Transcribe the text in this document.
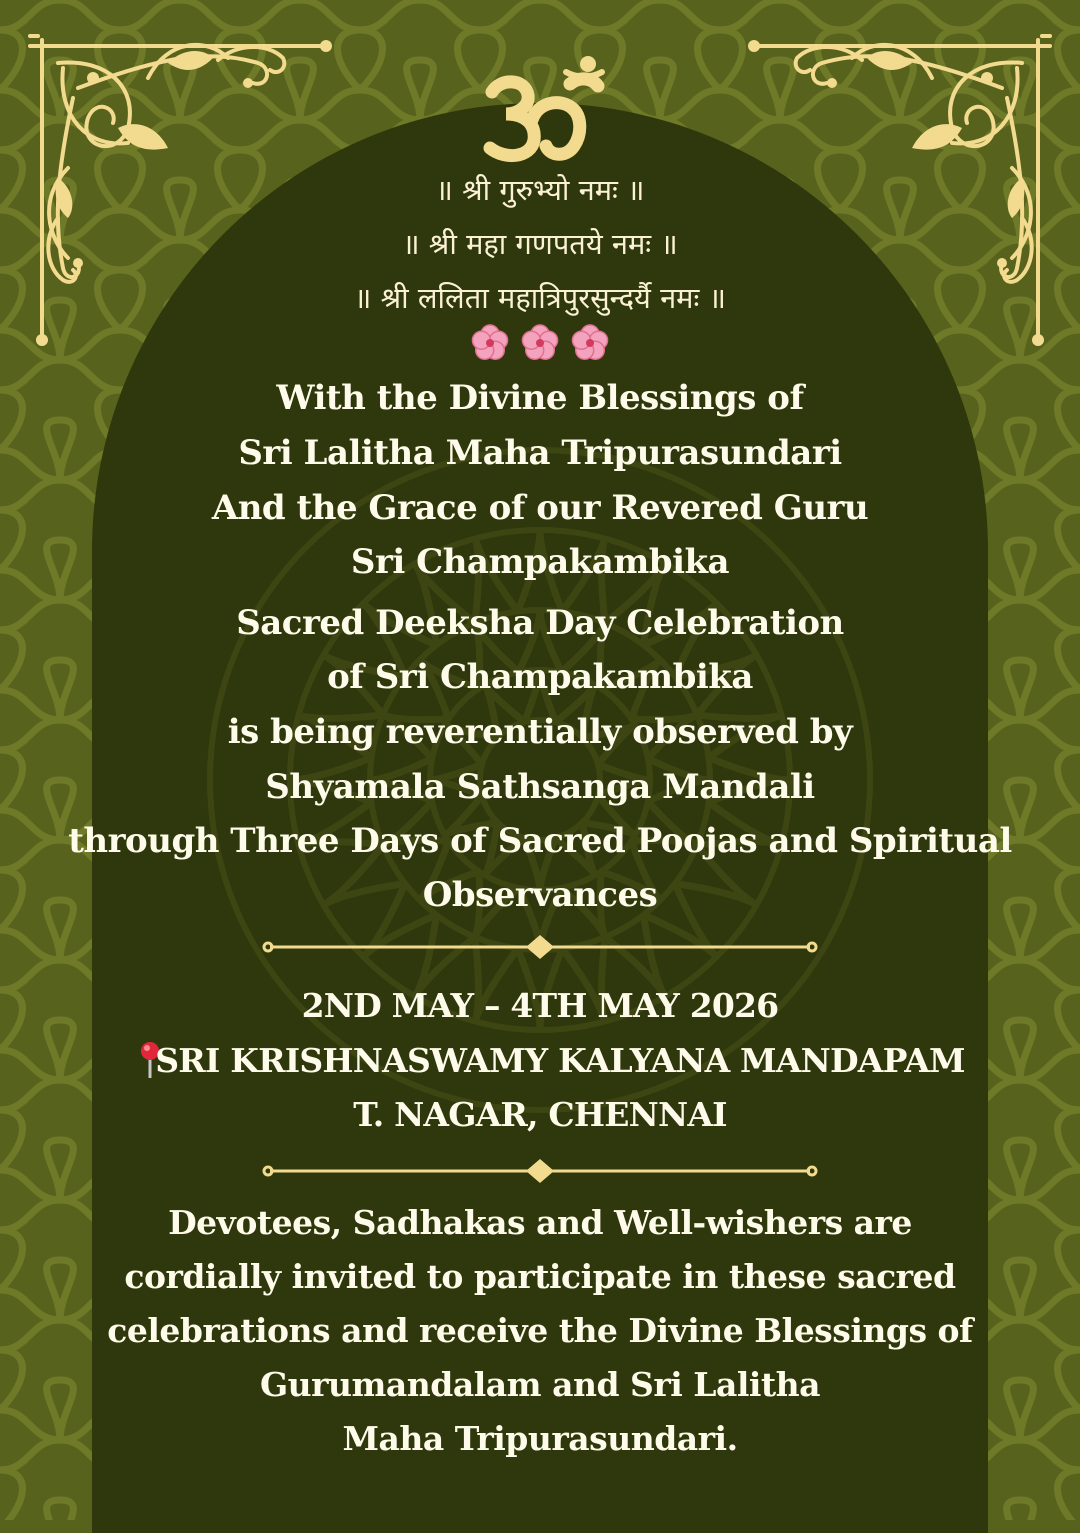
॥ श्री गुरुभ्यो नमः ॥
॥ श्री महा गणपतये नमः ॥
॥ श्री ललिता महात्रिपुरसुन्दर्यै नमः ॥
With the Divine Blessings of
Sri Lalitha Maha Tripurasundari
And the Grace of our Revered Guru
Sri Champakambika
Sacred Deeksha Day Celebration
of Sri Champakambika
is being reverentially observed by
Shyamala Sathsanga Mandali
through Three Days of Sacred Poojas and Spiritual
Observances
2ND MAY – 4TH MAY 2026
SRI KRISHNASWAMY KALYANA MANDAPAM
T. NAGAR, CHENNAI
Devotees, Sadhakas and Well-wishers are
cordially invited to participate in these sacred
celebrations and receive the Divine Blessings of
Gurumandalam and Sri Lalitha
Maha Tripurasundari.
